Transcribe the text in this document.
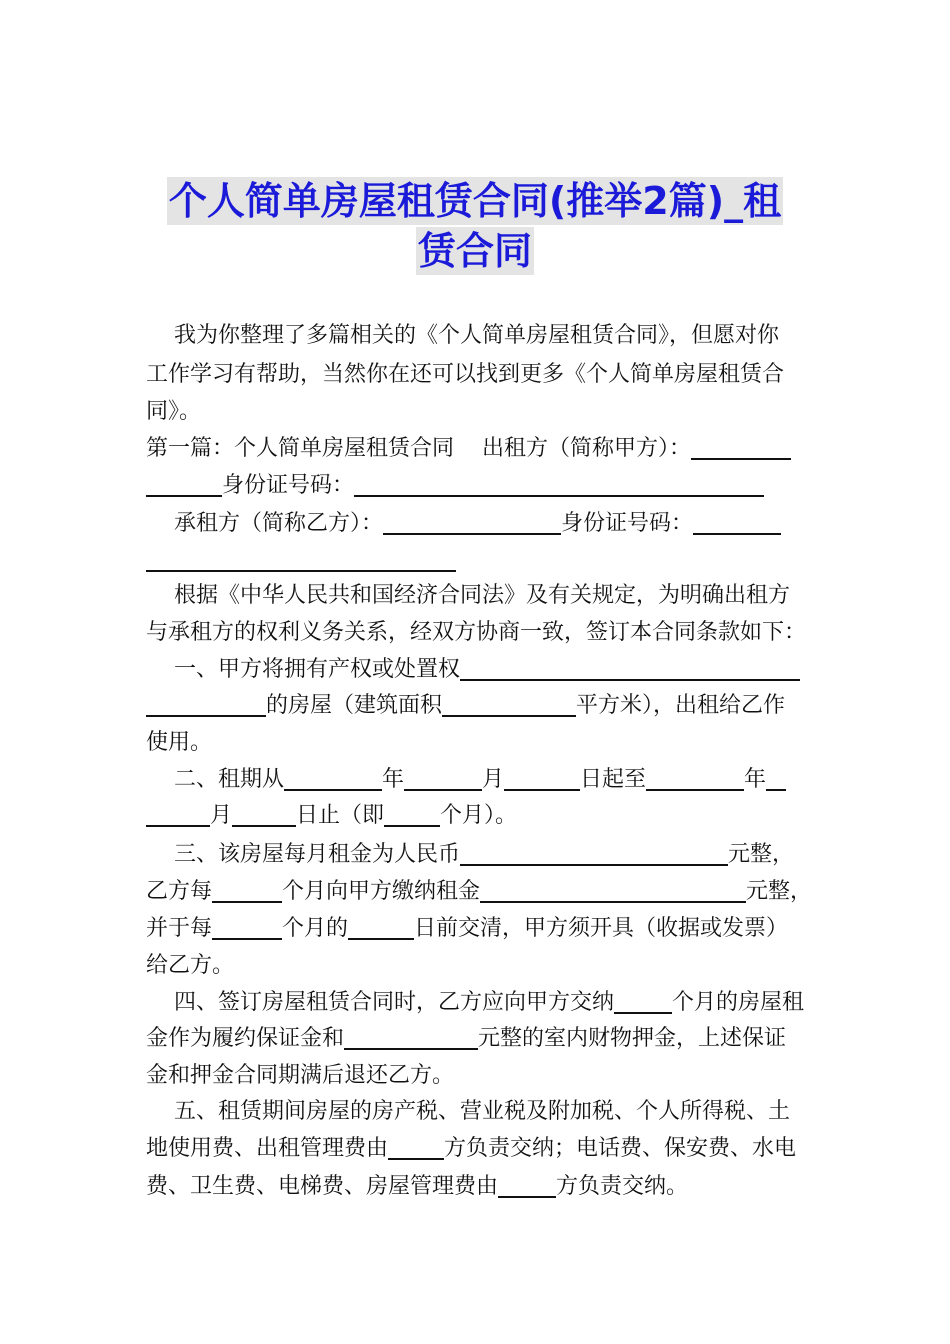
个人简单房屋租赁合同(推举2篇)_租
赁合同
我为你整理了多篇相关的《个人简单房屋租赁合同》，但愿对你
工作学习有帮助，当然你在还可以找到更多《个人简单房屋租赁合
同》。
第一篇：个人简单房屋租赁合同    出租方（简称甲方）：
身份证号码：
承租方（简称乙方）：	身份证号码：
根据《中华人民共和国经济合同法》及有关规定，为明确出租方
与承租方的权利义务关系，经双方协商一致，签订本合同条款如下：
一、甲方将拥有产权或处置权
的房屋（建筑面积	平方米），出租给乙作
使用。
二、租期从	年	月	日起至	年
月	日止（即	个月）。
三、该房屋每月租金为人民币	元整，
乙方每	个月向甲方缴纳租金	元整，
并于每	个月的	日前交清，甲方须开具（收据或发票）
给乙方。
四、签订房屋租赁合同时，乙方应向甲方交纳	个月的房屋租
金作为履约保证金和	元整的室内财物押金，上述保证
金和押金合同期满后退还乙方。
五、租赁期间房屋的房产税、营业税及附加税、个人所得税、土
地使用费、出租管理费由	方负责交纳；电话费、保安费、水电
费、卫生费、电梯费、房屋管理费由	方负责交纳。
